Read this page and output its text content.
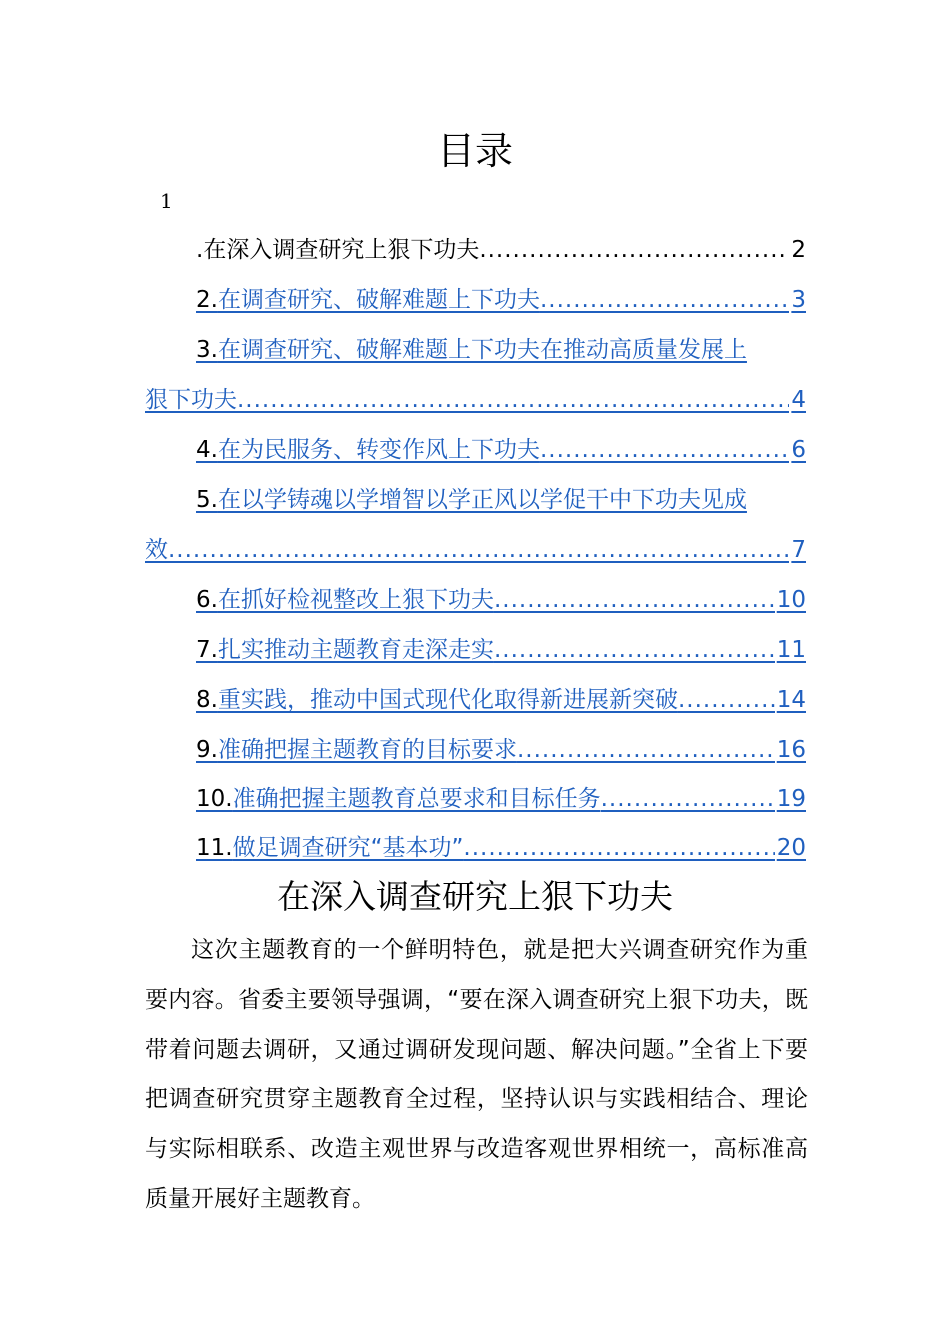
目录
1
. 在深入调查研究上狠下功夫 .....	2
2. 在调查研究、破解难题上下功夫 .....	3
3. 在调查研究、破解难题上下功夫在推动高质量发展上
狠下功夫 .....	4
4. 在为民服务、转变作风上下功夫 .....	6
5. 在以学铸魂以学增智以学正风以学促干中下功夫见成
效 .....	7
6. 在抓好检视整改上狠下功夫 .....	10
7. 扎实推动主题教育走深走实 .....	11
8. 重实践，推动中国式现代化取得新进展新突破 .....	14
9. 准确把握主题教育的目标要求 .....	16
10. 准确把握主题教育总要求和目标任务 .....	19
11. 做足调查研究“基本功” .....	20
在深入调查研究上狠下功夫
这次主题教育的一个鲜明特色，就是把大兴调查研究作为重要内容。省委主要领导强调，“要在深入调查研究上狠下功夫，既带着问题去调研，又通过调研发现问题、解决问题。”全省上下要把调查研究贯穿主题教育全过程，坚持认识与实践相结合、理论与实际相联系、改造主观世界与改造客观世界相统一，高标准高质量开展好主题教育。
